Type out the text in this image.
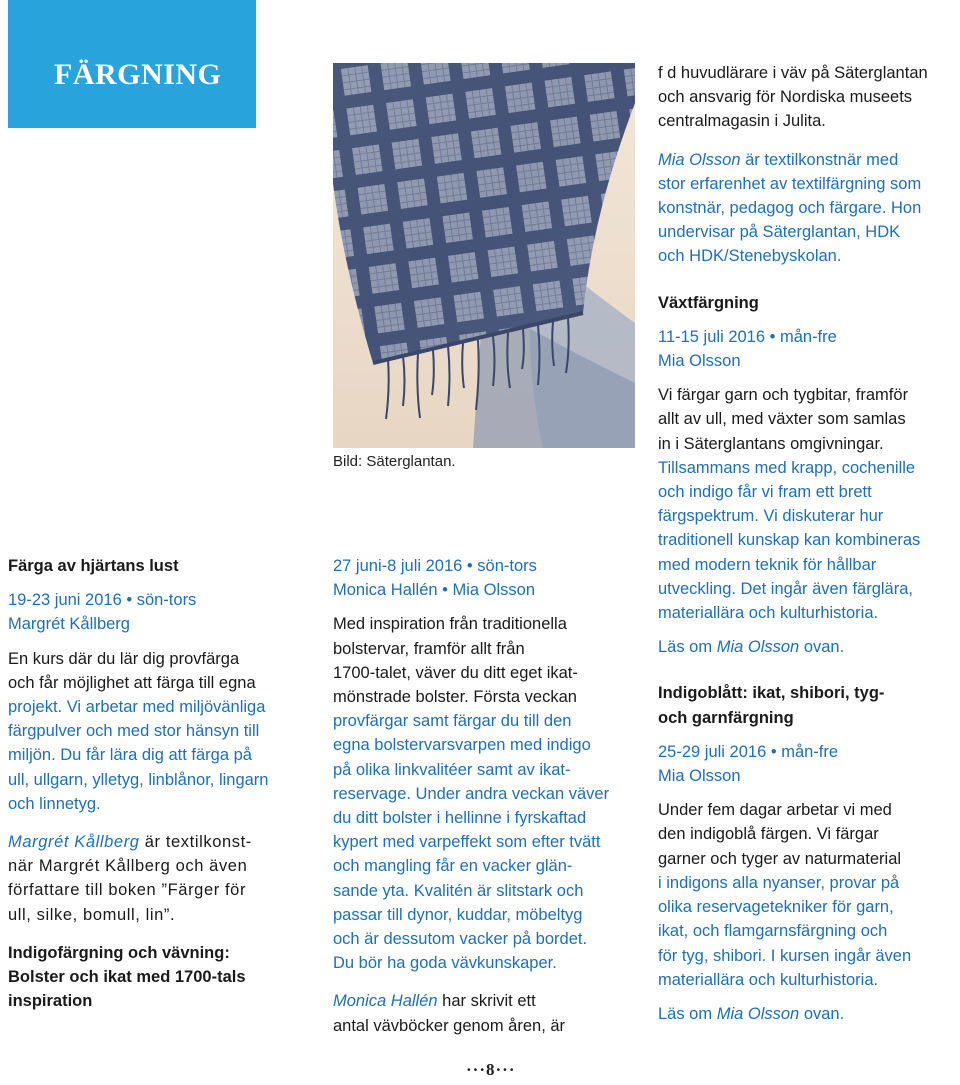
FÄRGNING
Bild: Säterglantan.

Färga av hjärtans lust

19-23 juni 2016 • sön-tors

Margrét Kållberg

En kurs där du lär dig provfärga

och får möjlighet att färga till egna

projekt. Vi arbetar med miljövänliga

färgpulver och med stor hänsyn till

miljön. Du får lära dig att färga på

ull, ullgarn, ylletyg, linblånor, lingarn

och linnetyg.

Margrét Kållberg är textilkonst-

när Margrét Kållberg och även

författare till boken ”Färger för

ull, silke, bomull, lin”.

Indigofärgning och vävning:

Bolster och ikat med 1700-tals

inspiration

27 juni-8 juli 2016 • sön-tors

Monica Hallén • Mia Olsson

Med inspiration från traditionella

bolstervar, framför allt från

1700-talet, väver du ditt eget ikat-

mönstrade bolster. Första veckan

provfärgar samt färgar du till den

egna bolstervarsvarpen med indigo

på olika linkvalitéer samt av ikat-

reservage. Under andra veckan väver

du ditt bolster i hellinne i fyrskaftad

kypert med varpeffekt som efter tvätt

och mangling får en vacker glän-

sande yta. Kvalitén är slitstark och

passar till dynor, kuddar, möbeltyg

och är dessutom vacker på bordet.

Du bör ha goda vävkunskaper.

Monica Hallén har skrivit ett

antal vävböcker genom åren, är

f d huvudlärare i väv på Säterglantan

och ansvarig för Nordiska museets

centralmagasin i Julita.

Mia Olsson är textilkonstnär med

stor erfarenhet av textilfärgning som

konstnär, pedagog och färgare. Hon

undervisar på Säterglantan, HDK

och HDK/Stenebyskolan.

Växtfärgning

11-15 juli 2016 • mån-fre

Mia Olsson

Vi färgar garn och tygbitar, framför

allt av ull, med växter som samlas

in i Säterglantans omgivningar.

Tillsammans med krapp, cochenille

och indigo får vi fram ett brett

färgspektrum. Vi diskuterar hur

traditionell kunskap kan kombineras

med modern teknik för hållbar

utveckling. Det ingår även färglära,

materiallära och kulturhistoria.

Läs om Mia Olsson ovan.

Indigoblått: ikat, shibori, tyg-

och garnfärgning

25-29 juli 2016 • mån-fre

Mia Olsson

Under fem dagar arbetar vi med

den indigoblå färgen. Vi färgar

garner och tyger av naturmaterial

i indigons alla nyanser, provar på

olika reservagetekniker för garn,

ikat, och flamgarnsfärgning och

för tyg, shibori. I kursen ingår även

materiallära och kulturhistoria.

Läs om Mia Olsson ovan.

···8···
